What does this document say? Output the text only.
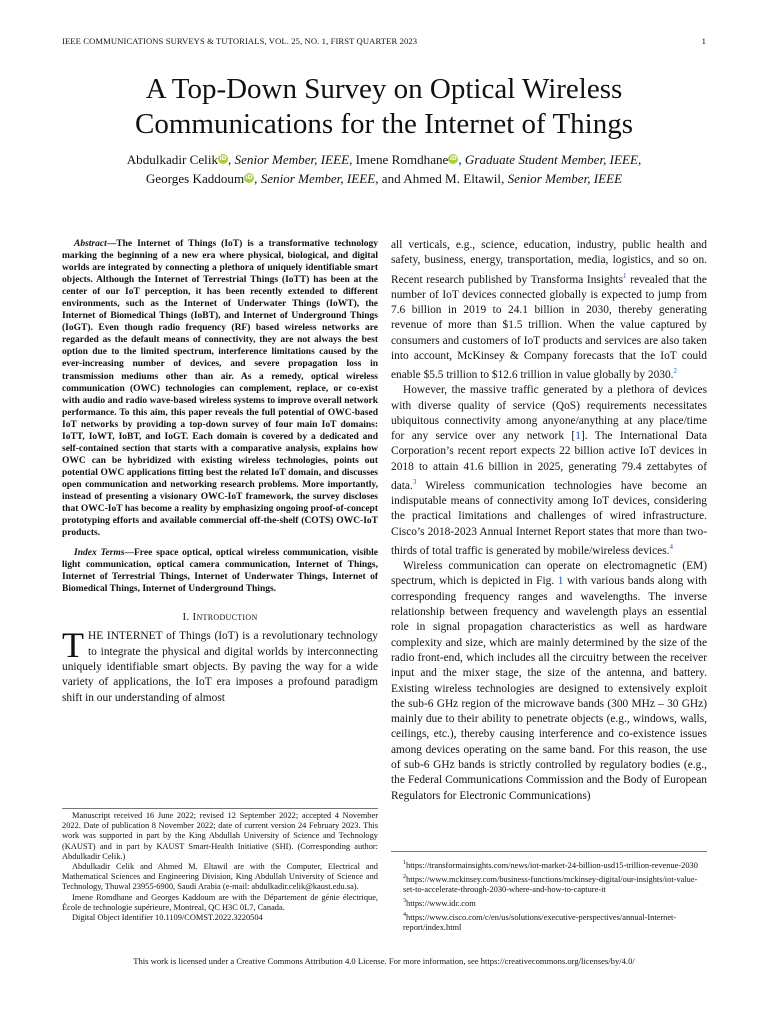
IEEE COMMUNICATIONS SURVEYS & TUTORIALS, VOL. 25, NO. 1, FIRST QUARTER 2023	1
A Top-Down Survey on Optical Wireless
Communications for the Internet of Things
Abdulkadir CelikiD, Senior Member, IEEE, Imene RomdhaneiD, Graduate Student Member, IEEE,
Georges KaddoumiD, Senior Member, IEEE, and Ahmed M. Eltawil, Senior Member, IEEE
Abstract—The Internet of Things (IoT) is a transformative technology marking the beginning of a new era where physical, biological, and digital worlds are integrated by connecting a plethora of uniquely identifiable smart objects. Although the Internet of Terrestrial Things (IoTT) has been at the center of our IoT perception, it has been recently extended to different environments, such as the Internet of Underwater Things (IoWT), the Internet of Biomedical Things (IoBT), and Internet of Underground Things (IoGT). Even though radio frequency (RF) based wireless networks are regarded as the default means of connectivity, they are not always the best option due to the limited spectrum, interference limitations caused by the ever-increasing number of devices, and severe propagation loss in transmission mediums other than air. As a remedy, optical wireless communication (OWC) technologies can complement, replace, or co-exist with audio and radio wave-based wireless systems to improve overall network performance. To this aim, this paper reveals the full potential of OWC-based IoT networks by providing a top-down survey of four main IoT domains: IoTT, IoWT, IoBT, and IoGT. Each domain is covered by a dedicated and self-contained section that starts with a comparative analysis, explains how OWC can be hybridized with existing wireless technologies, points out potential OWC applications fitting best the related IoT domain, and discusses open communication and networking research problems. More importantly, instead of presenting a visionary OWC-IoT framework, the survey discloses that OWC-IoT has become a reality by emphasizing ongoing proof-of-concept prototyping efforts and available commercial off-the-shelf (COTS) OWC-IoT products.
Index Terms—Free space optical, optical wireless communication, visible light communication, optical camera communication, Internet of Things, Internet of Terrestrial Things, Internet of Underwater Things, Internet of Biomedical Things, Internet of Underground Things.
I. Introduction
THE INTERNET of Things (IoT) is a revolutionary technology to integrate the physical and digital worlds by interconnecting uniquely identifiable smart objects. By paving the way for a wide variety of applications, the IoT era imposes a profound paradigm shift in our understanding of almost

Manuscript received 16 June 2022; revised 12 September 2022; accepted 4 November 2022. Date of publication 8 November 2022; date of current version 24 February 2023. This work was supported in part by the King Abdullah University of Science and Technology (KAUST) and in part by KAUST Smart-Health Initiative (SHI). (Corresponding author: Abdulkadir Celik.)

Abdulkadir Celik and Ahmed M. Eltawil are with the Computer, Electrical and Mathematical Sciences and Engineering Division, King Abdullah University of Science and Technology, Thuwal 23955-6900, Saudi Arabia (e-mail: abdulkadir.celik@kaust.edu.sa).

Imene Romdhane and Georges Kaddoum are with the Département de génie électrique, École de technologie supérieure, Montreal, QC H3C 0L7, Canada.

Digital Object Identifier 10.1109/COMST.2022.3220504

all verticals, e.g., science, education, industry, public health and safety, business, energy, transportation, media, logistics, and so on. Recent research published by Transforma Insights$^1$ revealed that the number of IoT devices connected globally is expected to jump from 7.6 billion in 2019 to 24.1 billion in 2030, thereby generating revenue of more than $1.5 trillion. When the value captured by consumers and customers of IoT products and services are also taken into account, McKinsey & Company forecasts that the IoT could enable $5.5 trillion to $12.6 trillion in value globally by 2030.$^2$

However, the massive traffic generated by a plethora of devices with diverse quality of service (QoS) requirements necessitates ubiquitous connectivity among anyone/anything at any place/time for any service over any network [1]. The International Data Corporation’s recent report expects 22 billion active IoT devices in 2018 to attain 41.6 billion in 2025, generating 79.4 zettabytes of data.$^3$ Wireless communication technologies have become an indisputable means of connectivity among IoT devices, considering the practical limitations and challenges of wired infrastructure. Cisco’s 2018-2023 Annual Internet Report states that more than two-thirds of total traffic is generated by mobile/wireless devices.$^4$

Wireless communication can operate on electromagnetic (EM) spectrum, which is depicted in Fig. 1 with various bands along with corresponding frequency ranges and wavelengths. The inverse relationship between frequency and wavelength plays an essential role in signal propagation characteristics as well as hardware complexity and size, which are mainly determined by the size of the radio front-end, which includes all the circuitry between the receiver input and the mixer stage, the size of the antenna, and battery. Existing wireless technologies are designed to extensively exploit the sub-6 GHz region of the microwave bands (300 MHz – 30 GHz) mainly due to their ability to penetrate objects (e.g., windows, walls, ceilings, etc.), thereby causing interference and co-existence issues among devices operating on the same band. For this reason, the use of sub-6 GHz bands is strictly controlled by regulatory bodies (e.g., the Federal Communications Commission and the Body of European Regulators for Electronic Communications)

$^1$https://transformainsights.com/news/iot-market-24-billion-usd15-trillion-revenue-2030

$^2$https://www.mckinsey.com/business-functions/mckinsey-digital/our-insights/iot-value-set-to-accelerate-through-2030-where-and-how-to-capture-it

$^3$https://www.idc.com

$^4$https://www.cisco.com/c/en/us/solutions/executive-perspectives/annual-Internet-report/index.html

This work is licensed under a Creative Commons Attribution 4.0 License. For more information, see https://creativecommons.org/licenses/by/4.0/
